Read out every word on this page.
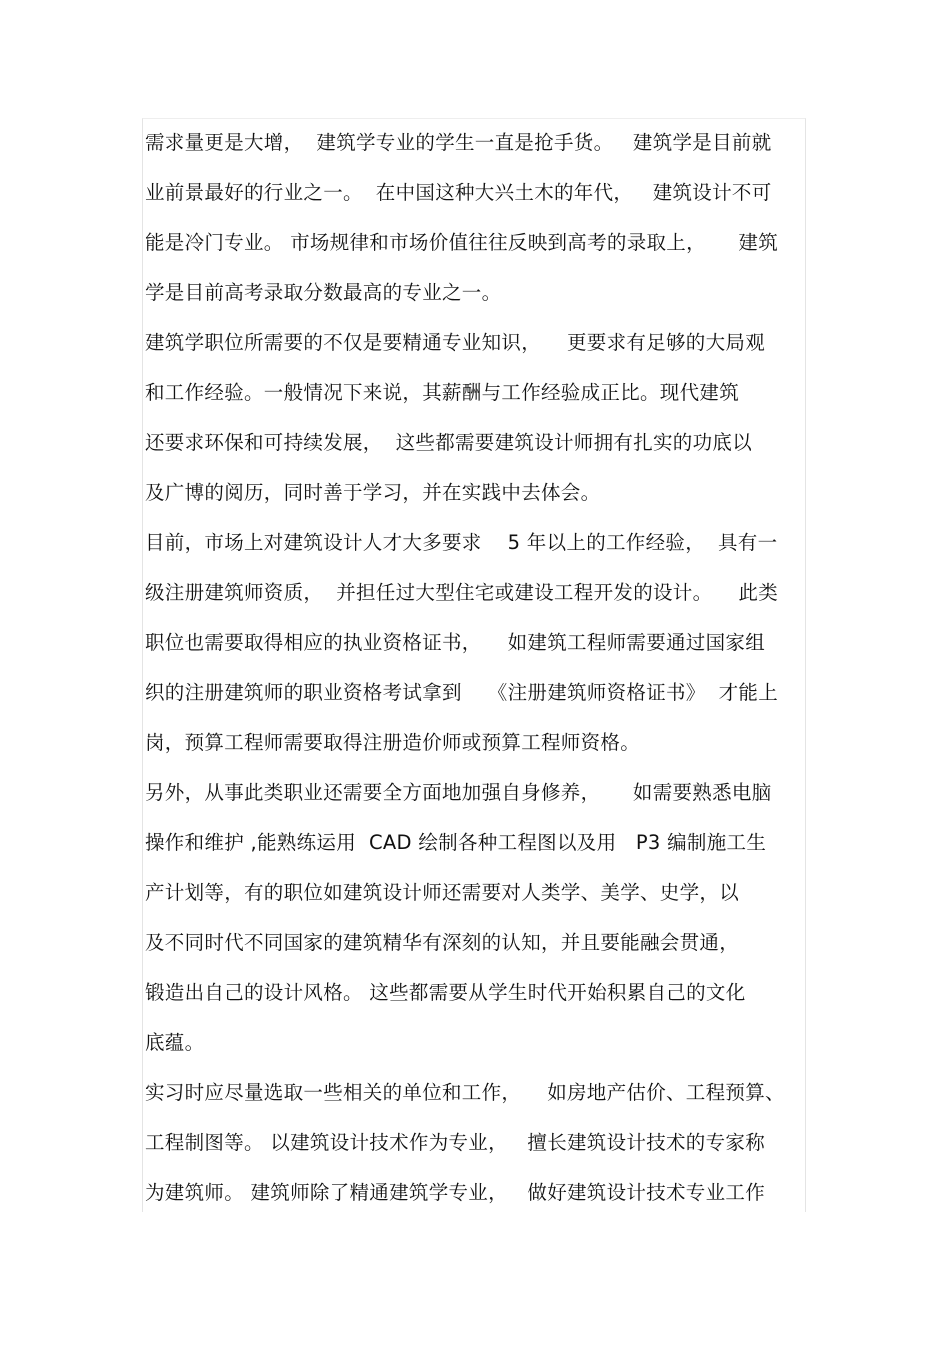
需求量更是大增，  建筑学专业的学生一直是抢手货。   建筑学是目前就
业前景最好的行业之一。  在中国这种大兴土木的年代，   建筑设计不可
能是冷门专业。 市场规律和市场价值往往反映到高考的录取上，     建筑
学是目前高考录取分数最高的专业之一。
建筑学职位所需要的不仅是要精通专业知识，    更要求有足够的大局观
和工作经验。一般情况下来说，其薪酬与工作经验成正比。现代建筑
还要求环保和可持续发展，  这些都需要建筑设计师拥有扎实的功底以
及广博的阅历，同时善于学习，并在实践中去体会。
目前，市场上对建筑设计人才大多要求    5 年以上的工作经验，  具有一
级注册建筑师资质，  并担任过大型住宅或建设工程开发的设计。    此类
职位也需要取得相应的执业资格证书，    如建筑工程师需要通过国家组
织的注册建筑师的职业资格考试拿到    《注册建筑师资格证书》  才能上
岗，预算工程师需要取得注册造价师或预算工程师资格。
另外，从事此类职业还需要全方面地加强自身修养，     如需要熟悉电脑
操作和维护 ,能熟练运用  CAD 绘制各种工程图以及用   P3 编制施工生
产计划等，有的职位如建筑设计师还需要对人类学、美学、史学，以
及不同时代不同国家的建筑精华有深刻的认知，并且要能融会贯通，
锻造出自己的设计风格。 这些都需要从学生时代开始积累自己的文化
底蕴。
实习时应尽量选取一些相关的单位和工作，    如房地产估价、工程预算、
工程制图等。 以建筑设计技术作为专业，   擅长建筑设计技术的专家称
为建筑师。 建筑师除了精通建筑学专业，   做好建筑设计技术专业工作
